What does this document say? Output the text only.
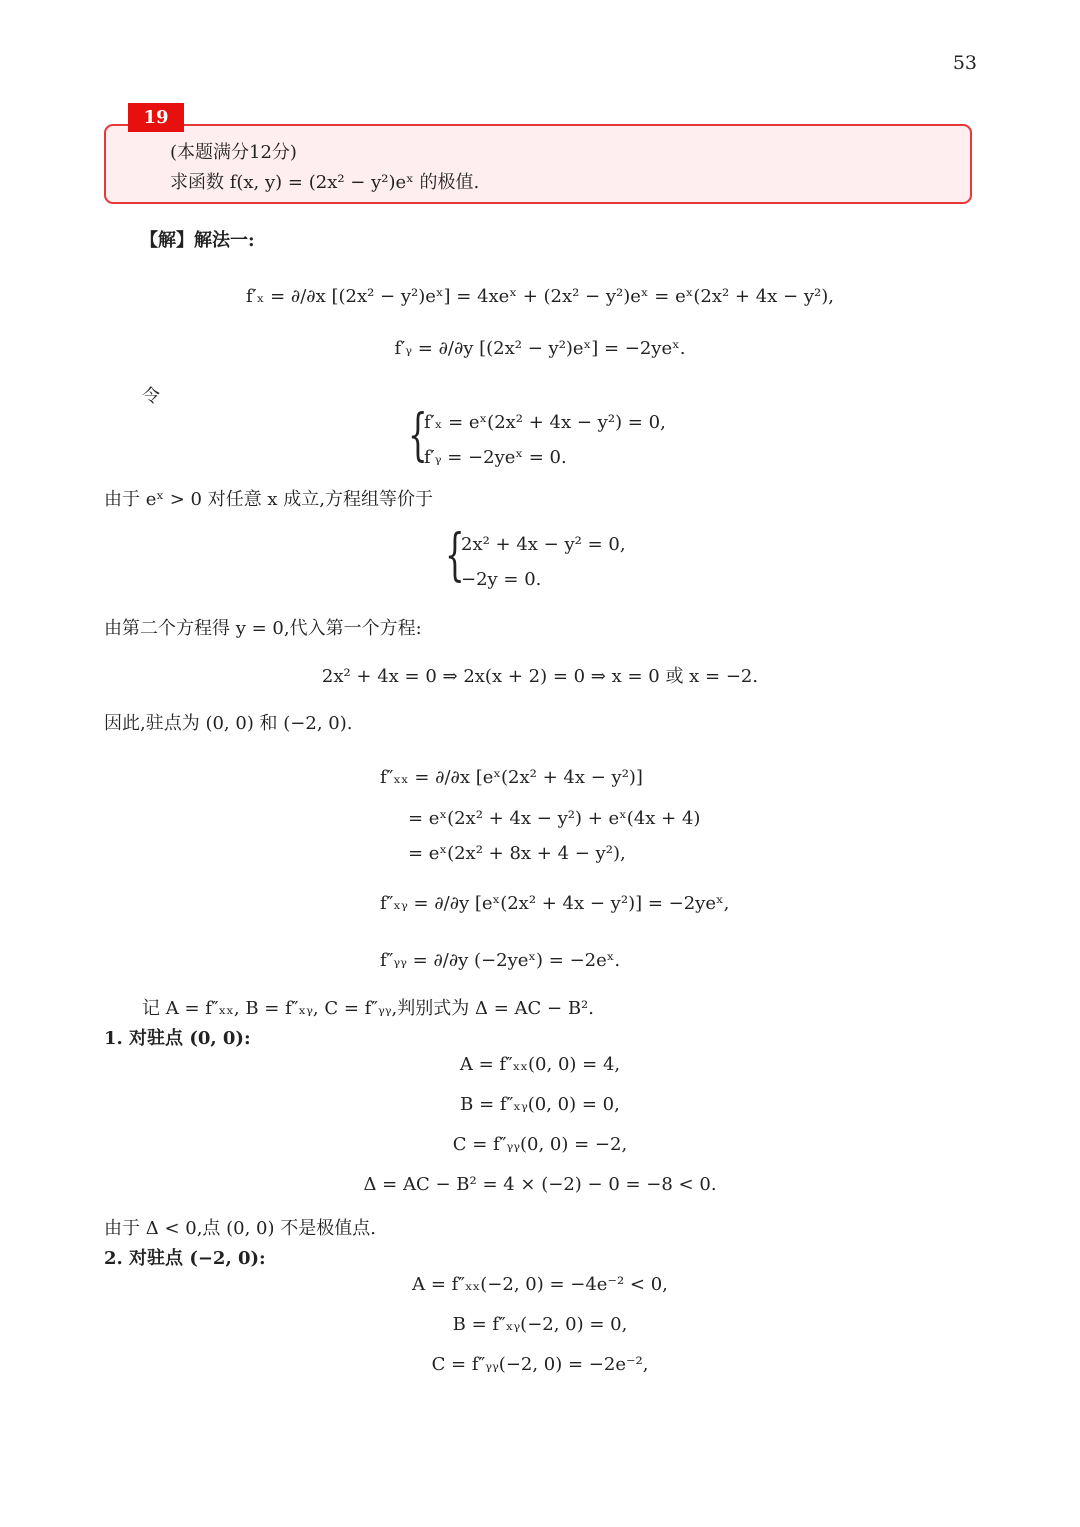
53
19
(本题满分12分)
求函数 f(x, y) = (2x² − y²)eˣ 的极值.
【解】解法一:
f′ₓ = ∂/∂x [(2x² − y²)eˣ] = 4xeˣ + (2x² − y²)eˣ = eˣ(2x² + 4x − y²),
f′ᵧ = ∂/∂y [(2x² − y²)eˣ] = −2yeˣ.
令
{
f′ₓ = eˣ(2x² + 4x − y²) = 0,
f′ᵧ = −2yeˣ = 0.
由于 eˣ > 0 对任意 x 成立,方程组等价于
{
2x² + 4x − y² = 0,
−2y = 0.
由第二个方程得 y = 0,代入第一个方程:
2x² + 4x = 0 ⇒ 2x(x + 2) = 0 ⇒ x = 0 或 x = −2.
因此,驻点为 (0, 0) 和 (−2, 0).
f″ₓₓ = ∂/∂x [eˣ(2x² + 4x − y²)]
= eˣ(2x² + 4x − y²) + eˣ(4x + 4)
= eˣ(2x² + 8x + 4 − y²),
f″ₓᵧ = ∂/∂y [eˣ(2x² + 4x − y²)] = −2yeˣ,
f″ᵧᵧ = ∂/∂y (−2yeˣ) = −2eˣ.
记 A = f″ₓₓ, B = f″ₓᵧ, C = f″ᵧᵧ,判别式为 Δ = AC − B².
1. 对驻点 (0, 0):
A = f″ₓₓ(0, 0) = 4,
B = f″ₓᵧ(0, 0) = 0,
C = f″ᵧᵧ(0, 0) = −2,
Δ = AC − B² = 4 × (−2) − 0 = −8 < 0.
由于 Δ < 0,点 (0, 0) 不是极值点.
2. 对驻点 (−2, 0):
A = f″ₓₓ(−2, 0) = −4e⁻² < 0,
B = f″ₓᵧ(−2, 0) = 0,
C = f″ᵧᵧ(−2, 0) = −2e⁻²,
